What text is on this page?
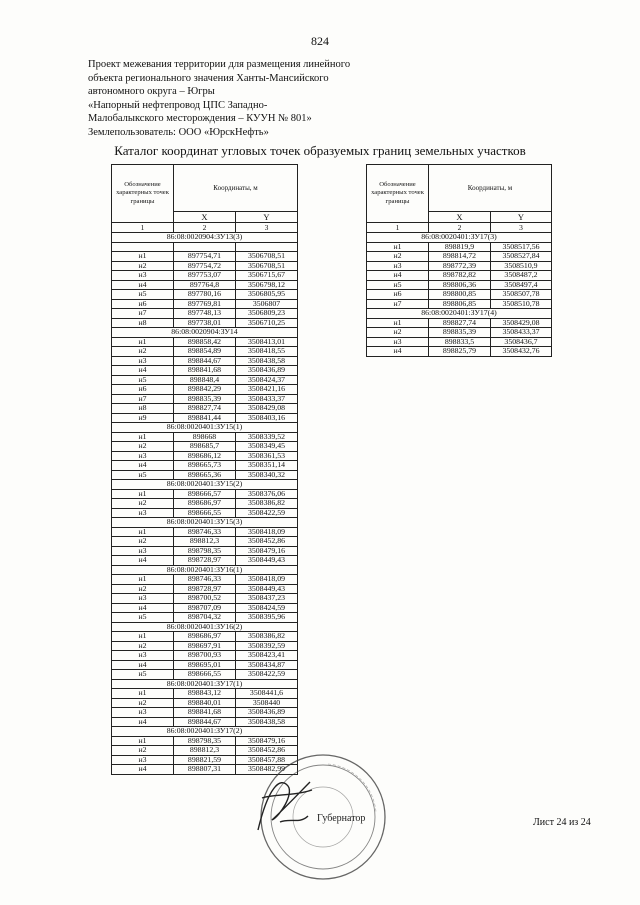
824
Проект межевания территории для размещения линейного
объекта регионального значения Ханты-Мансийского
автономного округа – Югры
«Напорный нефтепровод ЦПС Западно-
Малобалыкского месторождения – КУУН № 801»
Землепользователь: ООО «ЮрскНефть»
Каталог координат угловых точек образуемых границ земельных участков
Обозначение характерных точек границы	Координаты, м	
	X	Y
1	2	3
86:08:0020904:ЗУ13(3)		

н1	897754,71	3506708,51
н2	897754,72	3506708,51
н3	897753,07	3506715,67
н4	897764,8	3506798,12
н5	897780,16	3506805,95
н6	897769,81	3506807
н7	897748,13	3506809,23
н8	897738,01	3506710,25
86:08:0020904:ЗУ14		
н1	898858,42	3508413,01
н2	898854,89	3508418,55
н3	898844,67	3508438,58
н4	898841,68	3508436,89
н5	898848,4	3508424,37
н6	898842,29	3508421,16
н7	898835,39	3508433,37
н8	898827,74	3508429,08
н9	898841,44	3508403,16
86:08:0020401:ЗУ15(1)		
н1	898668	3508339,52
н2	898685,7	3508349,45
н3	898686,12	3508361,53
н4	898665,73	3508351,14
н5	898665,36	3508340,32
86:08:0020401:ЗУ15(2)		
н1	898666,57	3508376,06
н2	898686,97	3508386,82
н3	898666,55	3508422,59
86:08:0020401:ЗУ15(3)		
н1	898746,33	3508418,09
н2	898812,3	3508452,86
н3	898798,35	3508479,16
н4	898728,97	3508449,43
86:08:0020401:ЗУ16(1)		
н1	898746,33	3508418,09
н2	898728,97	3508449,43
н3	898700,52	3508437,23
н4	898707,09	3508424,59
н5	898704,32	3508395,96
86:08:0020401:ЗУ16(2)		
н1	898686,97	3508386,82
н2	898697,91	3508392,59
н3	898700,93	3508423,41
н4	898695,01	3508434,87
н5	898666,55	3508422,59
86:08:0020401:ЗУ17(1)		
н1	898843,12	3508441,6
н2	898840,01	3508440
н3	898841,68	3508436,89
н4	898844,67	3508438,58
86:08:0020401:ЗУ17(2)		
н1	898798,35	3508479,16
н2	898812,3	3508452,86
н3	898821,59	3508457,88
н4	898807,31	3508482,99
Обозначение характерных точек границы	Координаты, м	
	X	Y
1	2	3
86:08:0020401:ЗУ17(3)		
н1	898819,9	3508517,56
н2	898814,72	3508527,84
н3	898772,39	3508510,9
н4	898782,82	3508487,2
н5	898806,36	3508497,4
н6	898800,85	3508507,78
н7	898806,85	3508510,78
86:08:0020401:ЗУ17(4)		
н1	898827,74	3508429,08
н2	898835,39	3508433,37
н3	898833,5	3508436,7
н4	898825,79	3508432,76
Губернатор	Лист 24 из 24
